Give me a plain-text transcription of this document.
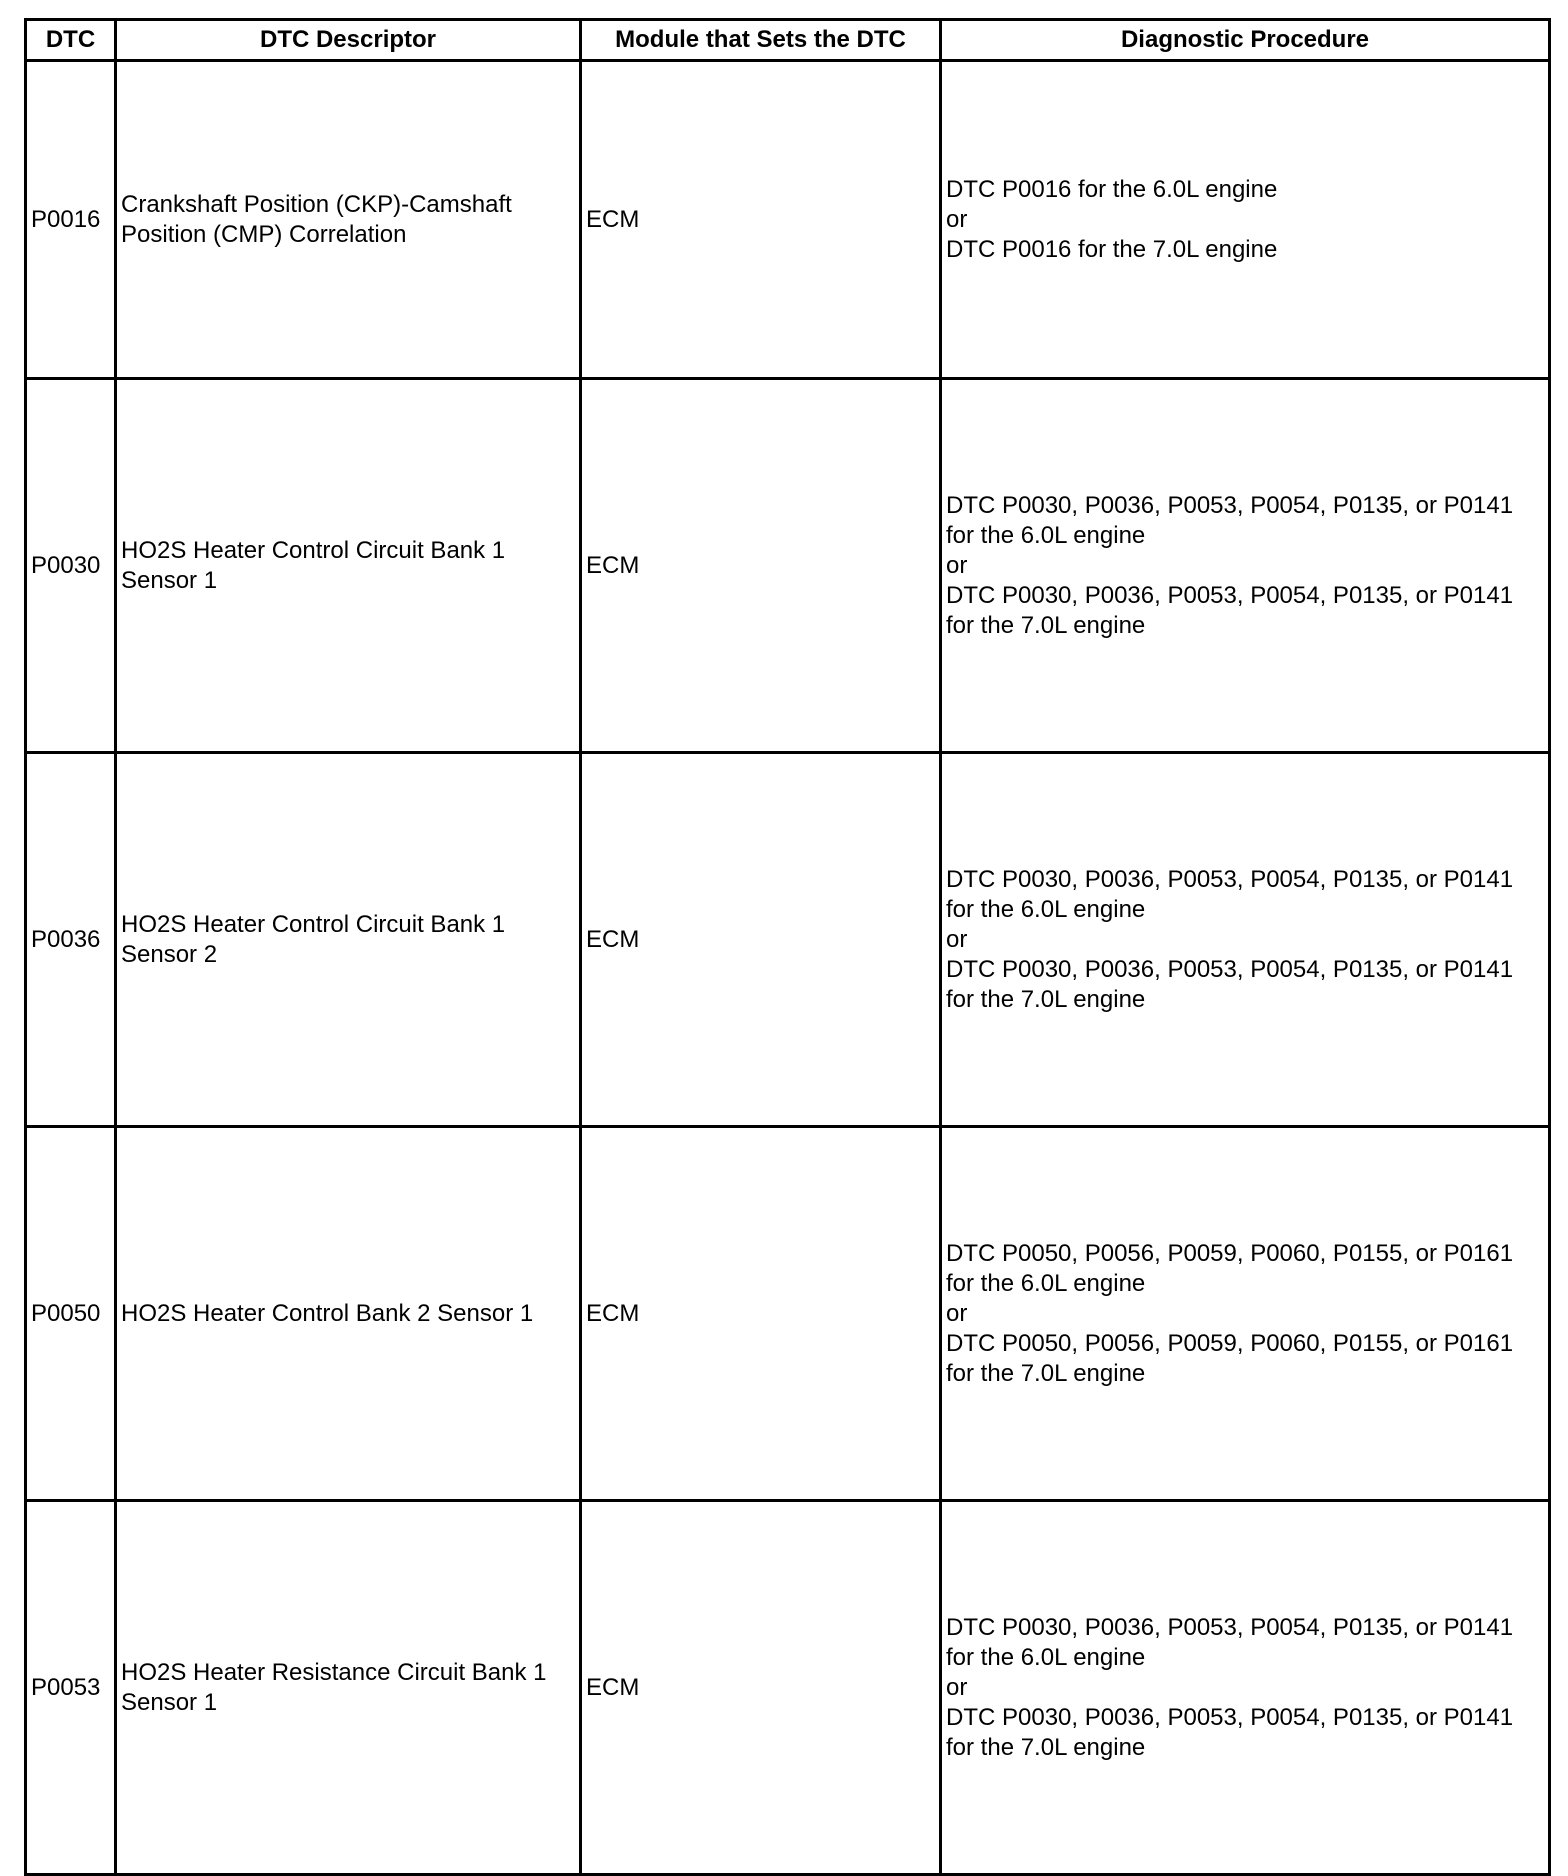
DTC	DTC Descriptor	Module that Sets the DTC	Diagnostic Procedure
P0016	Crankshaft Position (CKP)-Camshaft Position (CMP) Correlation	ECM	DTC P0016 for the 6.0L engine
or
DTC P0016 for the 7.0L engine

P0030	HO2S Heater Control Circuit Bank 1 Sensor 1	ECM	DTC P0030, P0036, P0053, P0054, P0135, or P0141 for the 6.0L engine
or
DTC P0030, P0036, P0053, P0054, P0135, or P0141 for the 7.0L engine

P0036	HO2S Heater Control Circuit Bank 1 Sensor 2	ECM	DTC P0030, P0036, P0053, P0054, P0135, or P0141 for the 6.0L engine
or
DTC P0030, P0036, P0053, P0054, P0135, or P0141 for the 7.0L engine

P0050	HO2S Heater Control Bank 2 Sensor 1	ECM	DTC P0050, P0056, P0059, P0060, P0155, or P0161 for the 6.0L engine
or
DTC P0050, P0056, P0059, P0060, P0155, or P0161 for the 7.0L engine

P0053	HO2S Heater Resistance Circuit Bank 1 Sensor 1	ECM	DTC P0030, P0036, P0053, P0054, P0135, or P0141 for the 6.0L engine
or
DTC P0030, P0036, P0053, P0054, P0135, or P0141 for the 7.0L engine
